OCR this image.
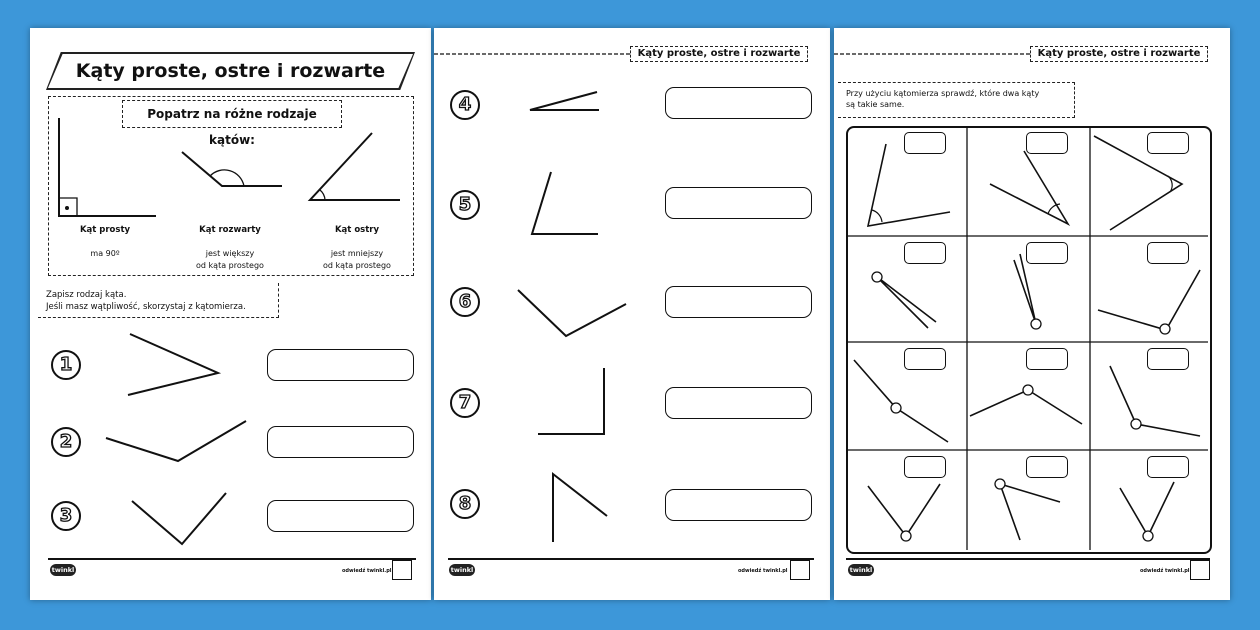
Kąty proste, ostre i rozwarte
Popatrz na różne rodzaje kątów:
Kąt prosty

ma 90º
Kąt rozwarty

jest większy
od kąta prostego
Kąt ostry

jest mniejszy
od kąta prostego
Zapisz rodzaj kąta.
Jeśli masz wątpliwość, skorzystaj z kątomierza.
1
2
3
twinkl	odwiedź twinkl.pl
Kąty proste, ostre i rozwarte
4
5
6
7
8
twinkl	odwiedź twinkl.pl
Kąty proste, ostre i rozwarte
Przy użyciu kątomierza sprawdź, które dwa kąty
są takie same.
twinkl	odwiedź twinkl.pl
